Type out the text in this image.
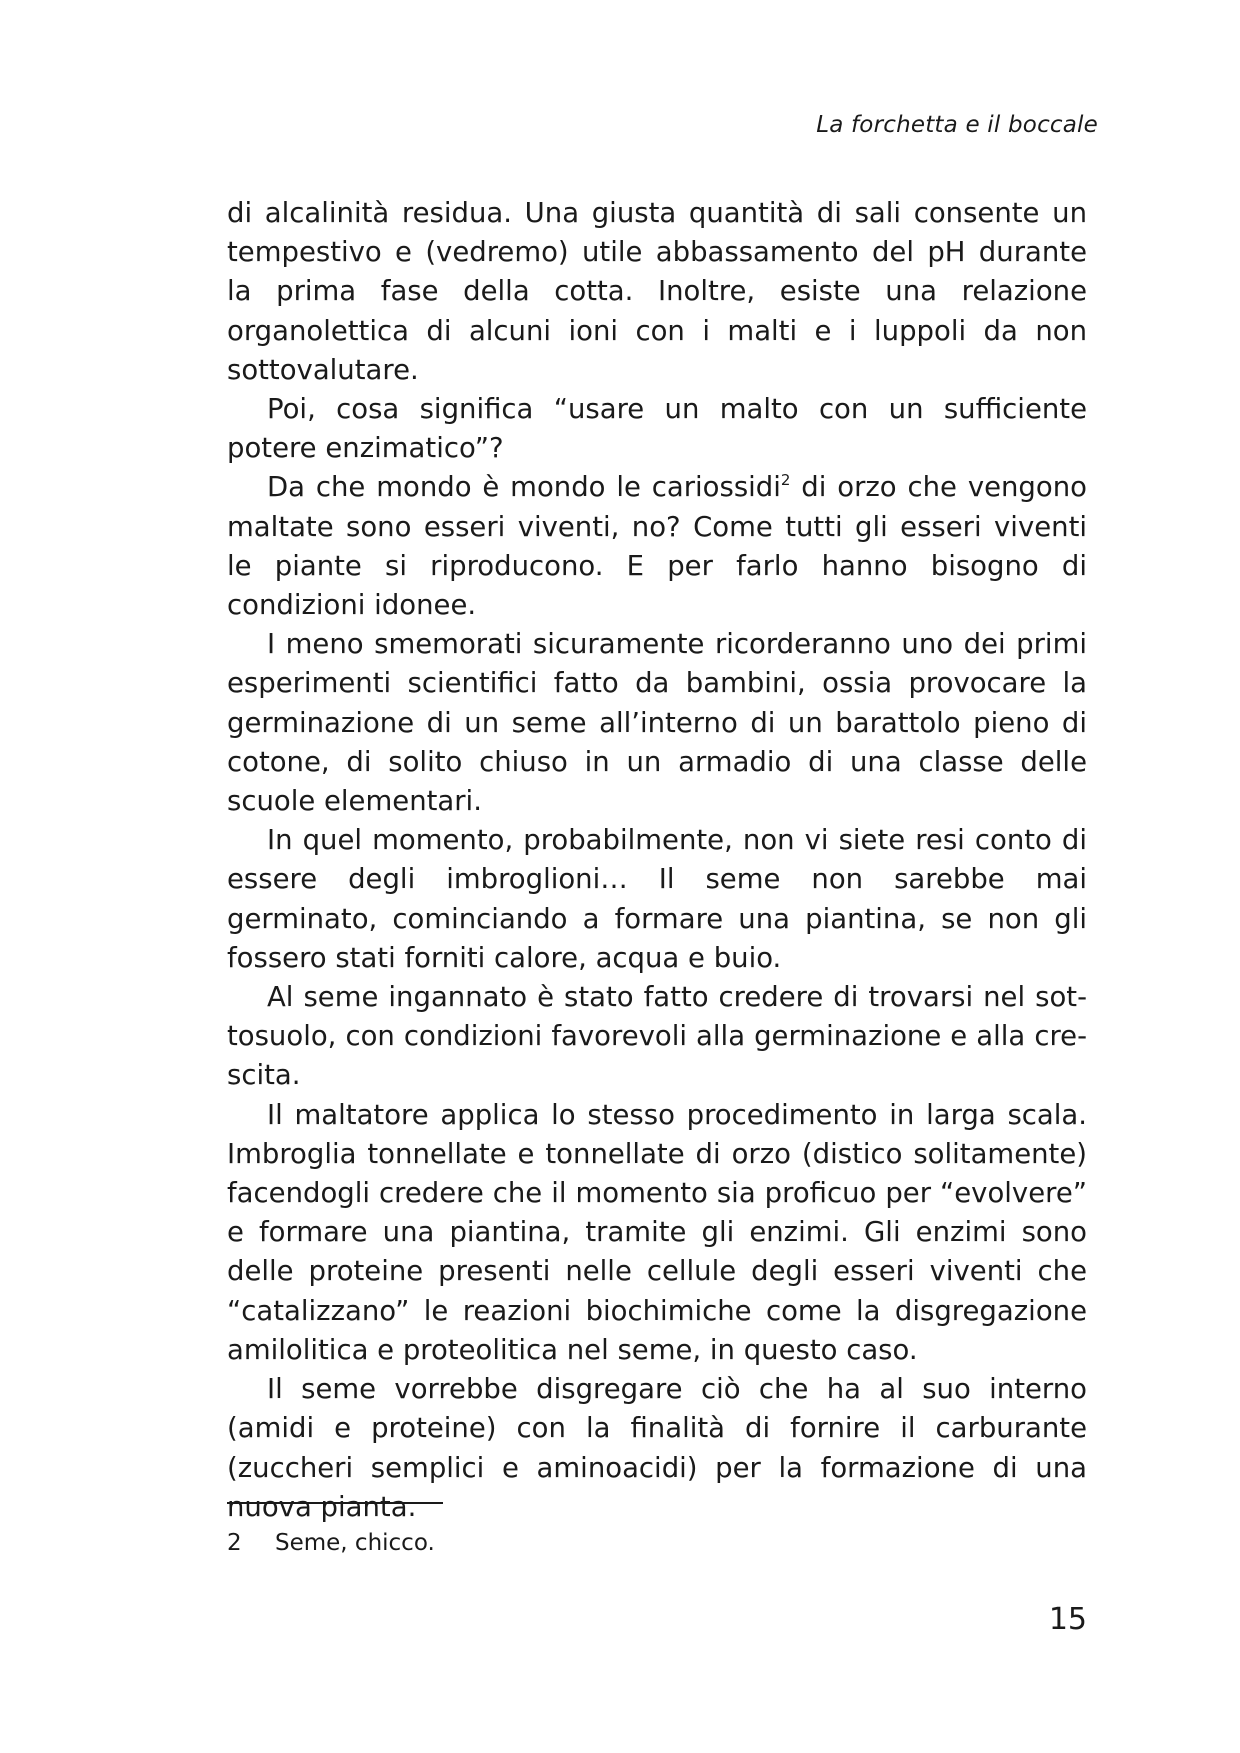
La forchetta e il boccale

di alcalinità residua. Una giusta quantità di sali consente un tempestivo e (vedremo) utile abbassamento del pH durante la prima fase della cotta. Inoltre, esiste una relazione organolettica di alcuni ioni con i malti e i luppoli da non sottovalutare.

Poi, cosa significa “usare un malto con un sufficiente potere enzimatico”?

Da che mondo è mondo le cariossidi$^2$ di orzo che vengono maltate sono esseri viventi, no? Come tutti gli esseri viventi le piante si riproducono. E per farlo hanno bisogno di condizioni idonee.

I meno smemorati sicuramente ricorderanno uno dei primi esperimenti scientifici fatto da bambini, ossia provocare la germinazione di un seme all’interno di un barattolo pieno di cotone, di solito chiuso in un armadio di una classe delle scuole elementari.

In quel momento, probabilmente, non vi siete resi conto di essere degli imbroglioni… Il seme non sarebbe mai germinato, cominciando a formare una piantina, se non gli fossero stati forniti calore, acqua e buio.

Al seme ingannato è stato fatto credere di trovarsi nel sottosuolo, con condizioni favorevoli alla germinazione e alla crescita.

Il maltatore applica lo stesso procedimento in larga scala. Imbroglia tonnellate e tonnellate di orzo (distico solitamente) facendogli credere che il momento sia proficuo per “evolvere” e formare una piantina, tramite gli enzimi. Gli enzimi sono delle proteine presenti nelle cellule degli esseri viventi che “catalizzano” le reazioni biochimiche come la disgregazione amilolitica e proteolitica nel seme, in questo caso.

Il seme vorrebbe disgregare ciò che ha al suo interno (amidi e proteine) con la finalità di fornire il carburante (zuccheri semplici e aminoacidi) per la formazione di una nuova pianta.

2 Seme, chicco.
15
